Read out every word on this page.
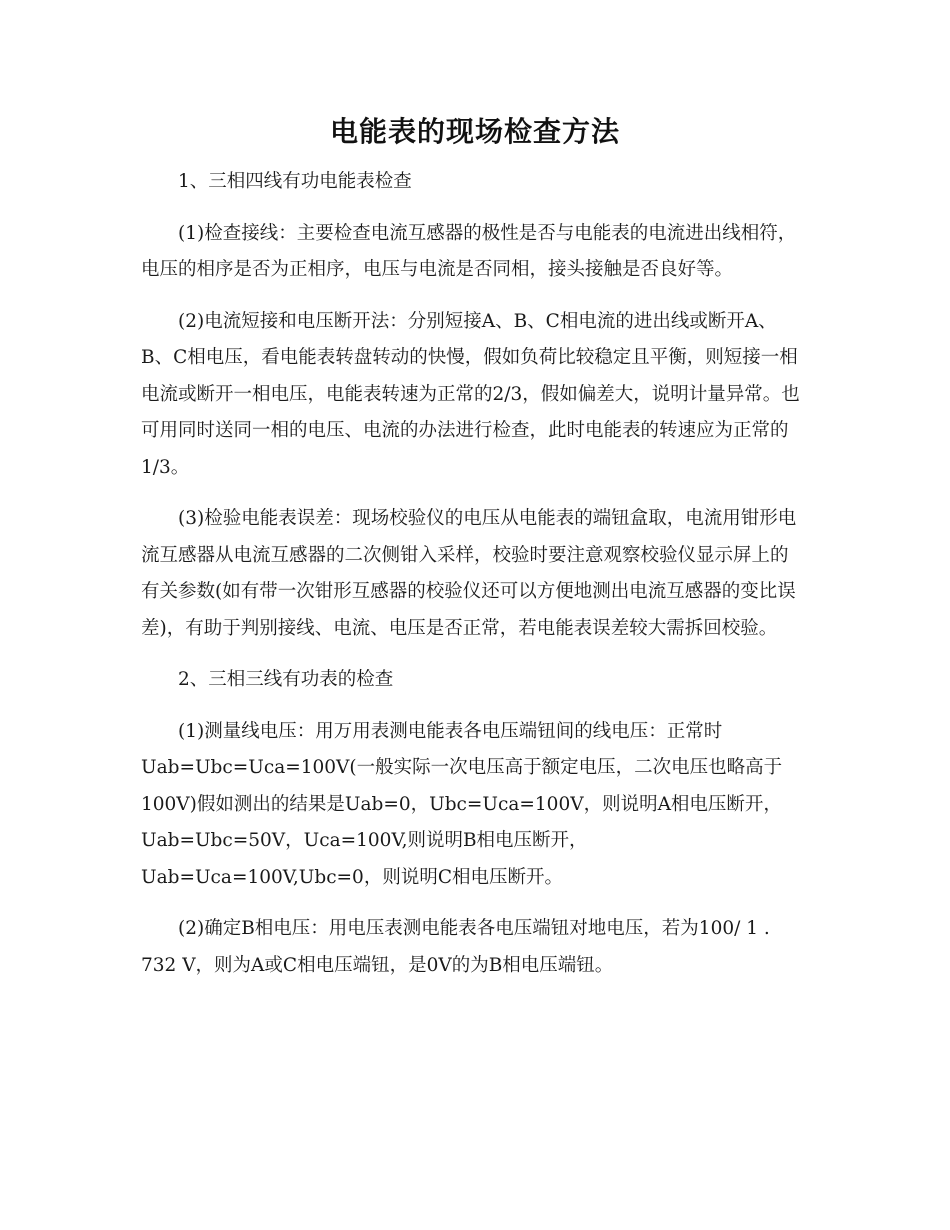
电能表的现场检查方法

1、三相四线有功电能表检查

(1)检查接线：主要检查电流互感器的极性是否与电能表的电流进出线相符，电压的相序是否为正相序，电压与电流是否同相，接头接触是否良好等。

(2)电流短接和电压断开法：分别短接A、B、C相电流的进出线或断开A、B、C相电压，看电能表转盘转动的快慢，假如负荷比较稳定且平衡，则短接一相电流或断开一相电压，电能表转速为正常的2/3，假如偏差大，说明计量异常。也可用同时送同一相的电压、电流的办法进行检查，此时电能表的转速应为正常的1/3。

(3)检验电能表误差：现场校验仪的电压从电能表的端钮盒取，电流用钳形电流互感器从电流互感器的二次侧钳入采样，校验时要注意观察校验仪显示屏上的有关参数(如有带一次钳形互感器的校验仪还可以方便地测出电流互感器的变比误差)，有助于判别接线、电流、电压是否正常，若电能表误差较大需拆回校验。

2、三相三线有功表的检查

(1)测量线电压：用万用表测电能表各电压端钮间的线电压：正常时Uab=Ubc=Uca=100V(一般实际一次电压高于额定电压，二次电压也略高于100V)假如测出的结果是Uab=0，Ubc=Uca=100V，则说明A相电压断开，Uab=Ubc=50V，Uca=100V,则说明B相电压断开，Uab=Uca=100V,Ubc=0，则说明C相电压断开。

(2)确定B相电压：用电压表测电能表各电压端钮对地电压，若为100/ 1 . 732 V，则为A或C相电压端钮，是0V的为B相电压端钮。
